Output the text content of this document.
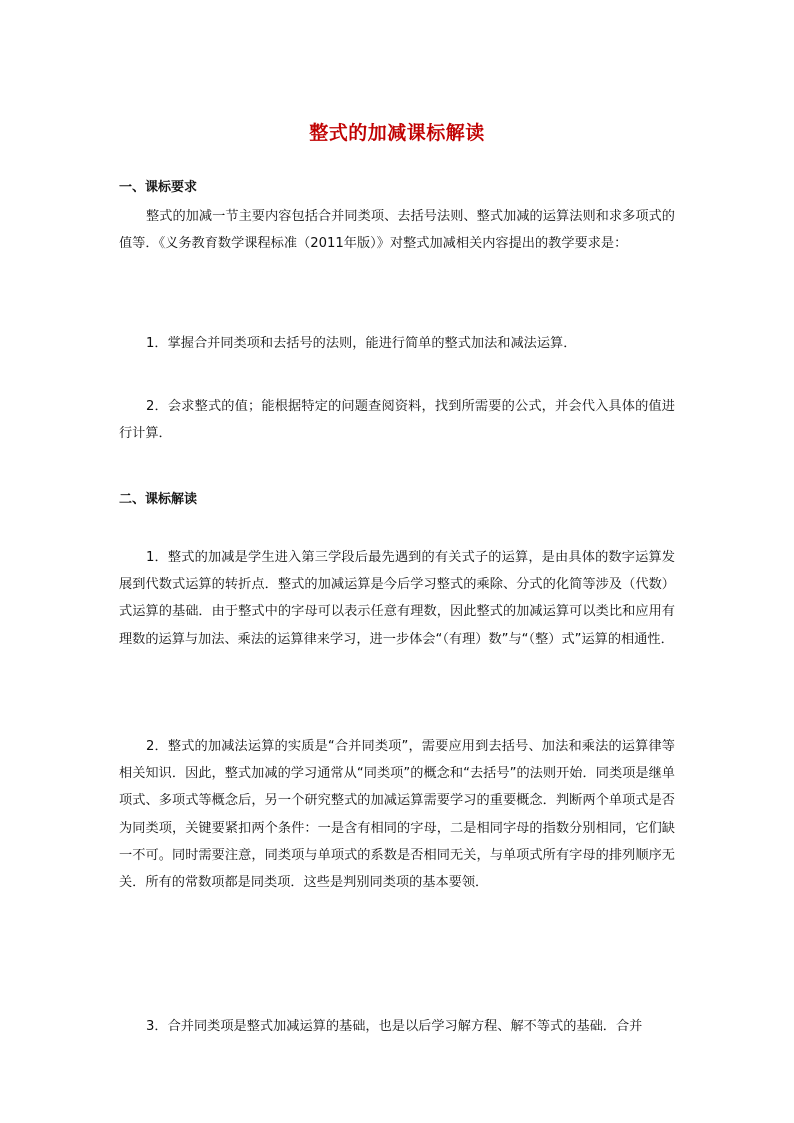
整式的加减课标解读
一、课标要求

整式的加减一节主要内容包括合并同类项、去括号法则、整式加减的运算法则和求多项式的值等．《义务教育数学课程标准（2011年版）》对整式加减相关内容提出的教学要求是：

1．掌握合并同类项和去括号的法则，能进行简单的整式加法和减法运算．

2．会求整式的值；能根据特定的问题查阅资料，找到所需要的公式，并会代入具体的值进行计算．

二、课标解读

1．整式的加减是学生进入第三学段后最先遇到的有关式子的运算，是由具体的数字运算发展到代数式运算的转折点．整式的加减运算是今后学习整式的乘除、分式的化简等涉及（代数）式运算的基础．由于整式中的字母可以表示任意有理数，因此整式的加减运算可以类比和应用有理数的运算与加法、乘法的运算律来学习，进一步体会“（有理）数”与“（整）式”运算的相通性．

2．整式的加减法运算的实质是“合并同类项”，需要应用到去括号、加法和乘法的运算律等相关知识．因此，整式加减的学习通常从“同类项”的概念和“去括号”的法则开始．同类项是继单项式、多项式等概念后，另一个研究整式的加减运算需要学习的重要概念．判断两个单项式是否为同类项，关键要紧扣两个条件：一是含有相同的字母，二是相同字母的指数分别相同，它们缺一不可。同时需要注意，同类项与单项式的系数是否相同无关，与单项式所有字母的排列顺序无关．所有的常数项都是同类项．这些是判别同类项的基本要领．

3．合并同类项是整式加减运算的基础，也是以后学习解方程、解不等式的基础．合并
